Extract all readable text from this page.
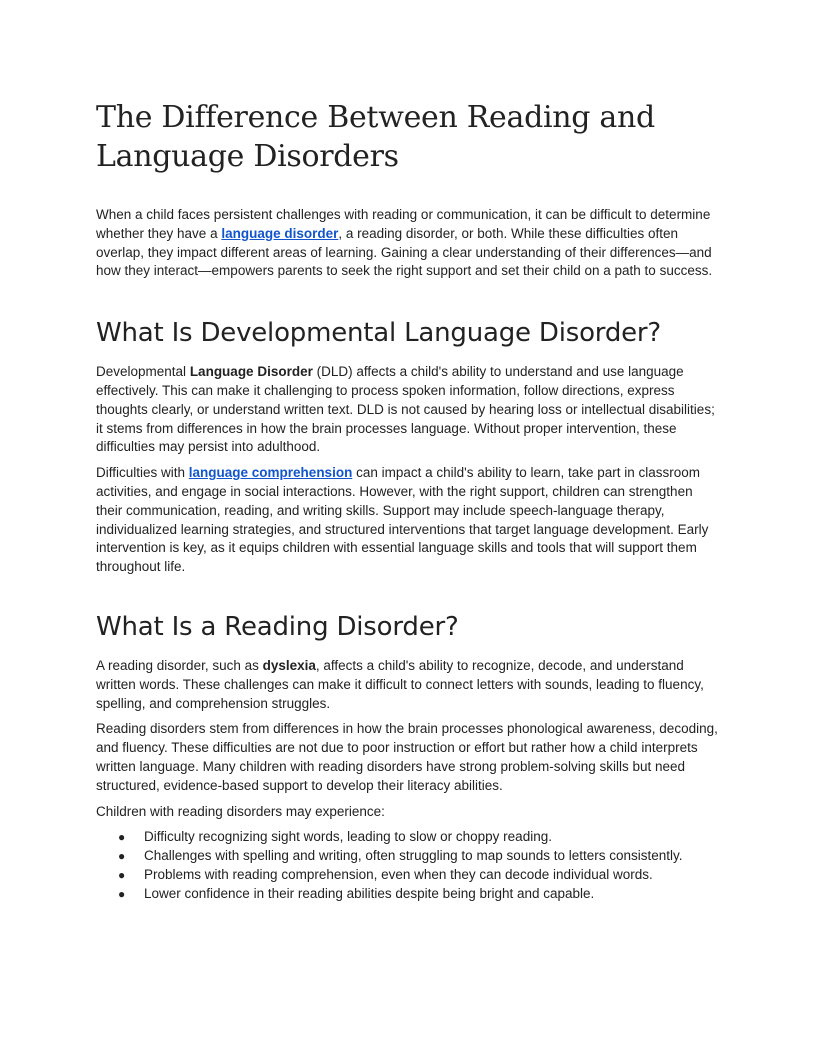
The Difference Between Reading and Language Disorders

When a child faces persistent challenges with reading or communication, it can be difficult to determine whether they have a language disorder, a reading disorder, or both. While these difficulties often overlap, they impact different areas of learning. Gaining a clear understanding of their differences—and how they interact—empowers parents to seek the right support and set their child on a path to success.

What Is Developmental Language Disorder?

Developmental Language Disorder (DLD) affects a child's ability to understand and use language effectively. This can make it challenging to process spoken information, follow directions, express thoughts clearly, or understand written text. DLD is not caused by hearing loss or intellectual disabilities; it stems from differences in how the brain processes language. Without proper intervention, these difficulties may persist into adulthood.

Difficulties with language comprehension can impact a child's ability to learn, take part in classroom activities, and engage in social interactions. However, with the right support, children can strengthen their communication, reading, and writing skills. Support may include speech-language therapy, individualized learning strategies, and structured interventions that target language development. Early intervention is key, as it equips children with essential language skills and tools that will support them throughout life.

What Is a Reading Disorder?

A reading disorder, such as dyslexia, affects a child's ability to recognize, decode, and understand written words. These challenges can make it difficult to connect letters with sounds, leading to fluency, spelling, and comprehension struggles.

Reading disorders stem from differences in how the brain processes phonological awareness, decoding, and fluency. These difficulties are not due to poor instruction or effort but rather how a child interprets written language. Many children with reading disorders have strong problem-solving skills but need structured, evidence-based support to develop their literacy abilities.

Children with reading disorders may experience:

● Difficulty recognizing sight words, leading to slow or choppy reading.
● Challenges with spelling and writing, often struggling to map sounds to letters consistently.
● Problems with reading comprehension, even when they can decode individual words.
● Lower confidence in their reading abilities despite being bright and capable.
